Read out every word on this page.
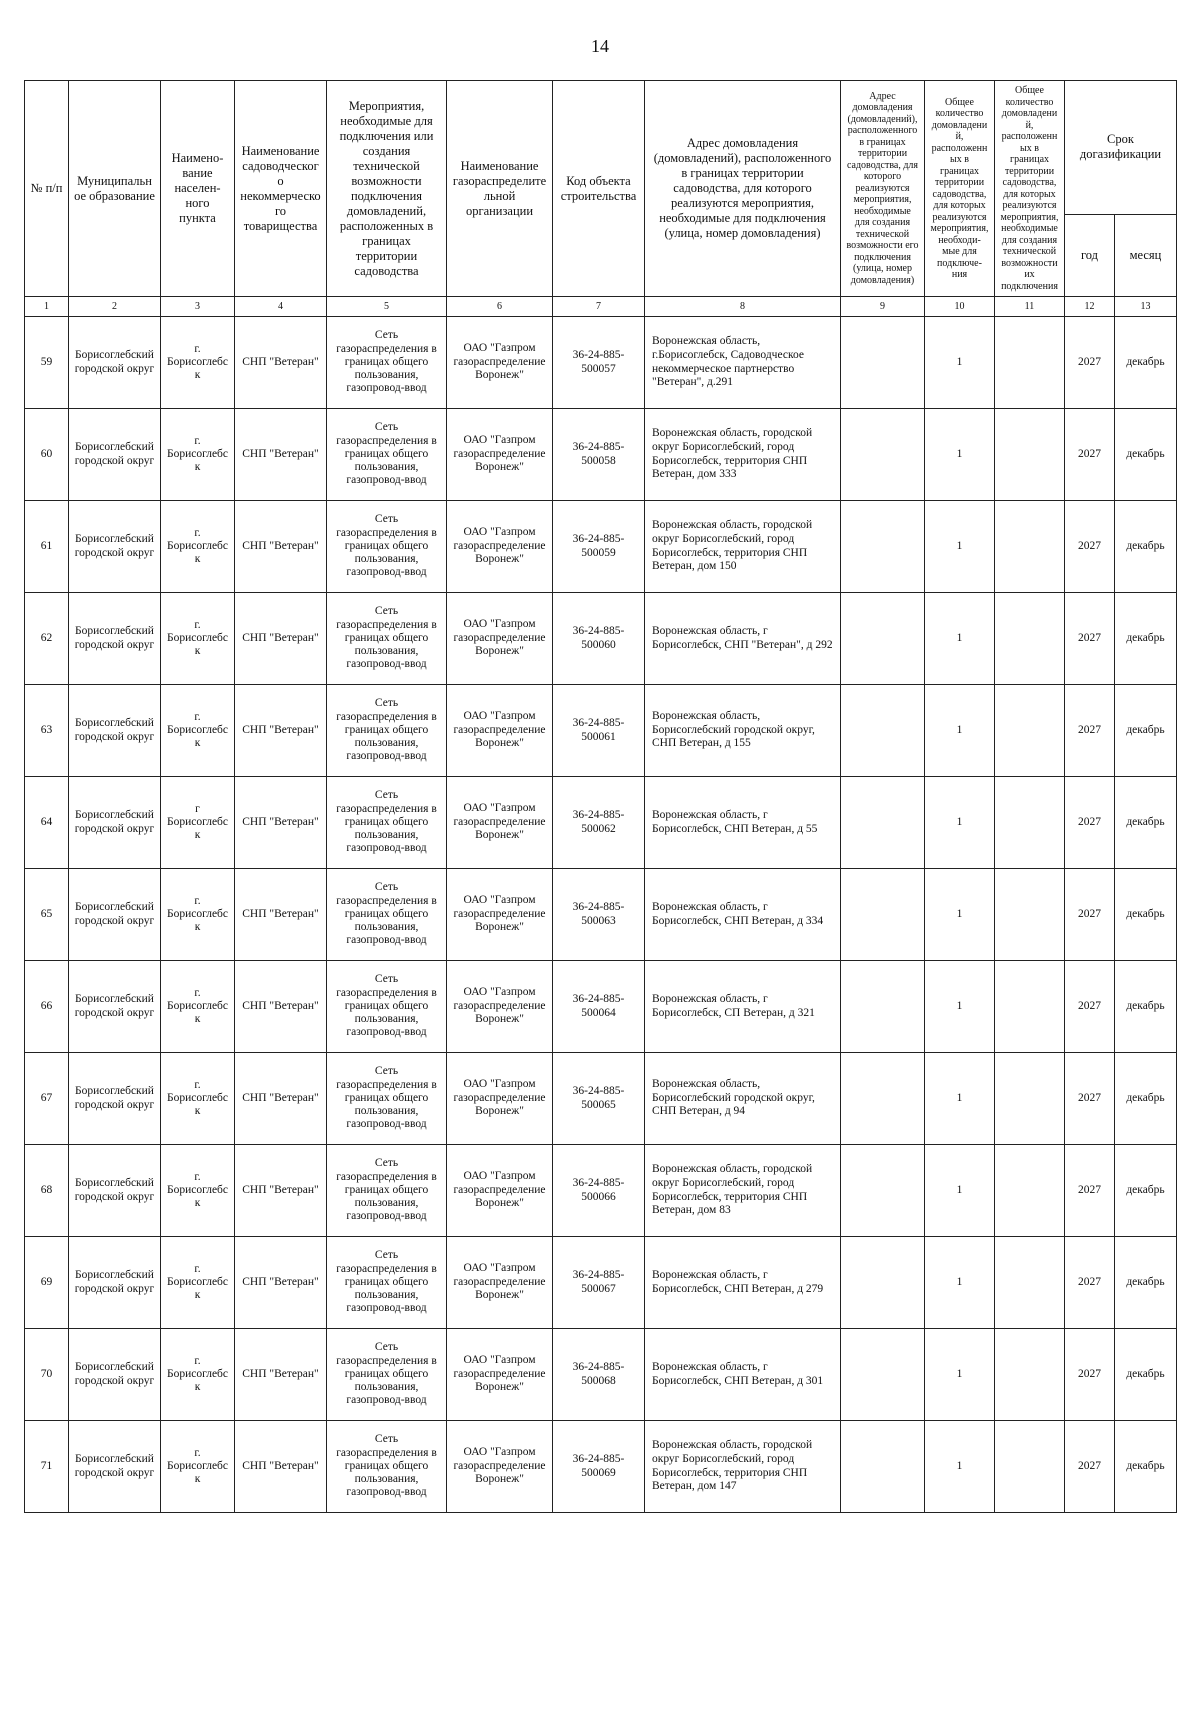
14
№ п/п	Муниципальное образование	Наимено-вание населен-ного пункта	Наименование садоводческого некоммерческого товарищества	Мероприятия, необходимые для подключения или создания технической возможности подключения домовладений, расположенных в границах территории садоводства	Наименование газораспределительной организации	Код объекта строительства	Адрес домовладения (домовладений), расположенного в границах территории садоводства, для которого реализуются мероприятия, необходимые для подключения (улица, номер домовладения)	Адрес домовладения (домовладений), расположенного в границах территории садоводства, для которого реализуются мероприятия, необходимые для создания технической возможности его подключения (улица, номер домовладения)	Общее количество домовладений, расположенных в границах территории садоводства, для которых реализуются мероприятия, необходи-мые для подключе-ния	Общее количество домовладений, расположенных в границах территории садоводства, для которых реализуются мероприятия, необходимые для создания технической возможности их подключения	Срок догазификации	
											год	месяц
1	2	3	4	5	6	7	8	9	10	11	12	13
59	Борисоглебский городской округ	г. Борисоглебск	СНП "Ветеран"	Сеть газораспределения в границах общего пользования, газопровод-ввод	ОАО "Газпром газораспределение Воронеж"	36-24-885-500057	Воронежская область, г.Борисоглебск, Садоводческое некоммерческое партнерство "Ветеран", д.291		1		2027	декабрь
60	Борисоглебский городской округ	г. Борисоглебск	СНП "Ветеран"	Сеть газораспределения в границах общего пользования, газопровод-ввод	ОАО "Газпром газораспределение Воронеж"	36-24-885-500058	Воронежская область, городской округ Борисоглебский, город Борисоглебск, территория СНП Ветеран, дом 333		1		2027	декабрь
61	Борисоглебский городской округ	г. Борисоглебск	СНП "Ветеран"	Сеть газораспределения в границах общего пользования, газопровод-ввод	ОАО "Газпром газораспределение Воронеж"	36-24-885-500059	Воронежская область, городской округ Борисоглебский, город Борисоглебск, территория СНП Ветеран, дом 150		1		2027	декабрь
62	Борисоглебский городской округ	г. Борисоглебск	СНП "Ветеран"	Сеть газораспределения в границах общего пользования, газопровод-ввод	ОАО "Газпром газораспределение Воронеж"	36-24-885-500060	Воронежская область, г Борисоглебск, СНП "Ветеран", д 292		1		2027	декабрь
63	Борисоглебский городской округ	г. Борисоглебск	СНП "Ветеран"	Сеть газораспределения в границах общего пользования, газопровод-ввод	ОАО "Газпром газораспределение Воронеж"	36-24-885-500061	Воронежская область, Борисоглебский городской округ, СНП Ветеран, д 155		1		2027	декабрь
64	Борисоглебский городской округ	г Борисоглебск	СНП "Ветеран"	Сеть газораспределения в границах общего пользования, газопровод-ввод	ОАО "Газпром газораспределение Воронеж"	36-24-885-500062	Воронежская область, г Борисоглебск, СНП Ветеран, д 55		1		2027	декабрь
65	Борисоглебский городской округ	г. Борисоглебск	СНП "Ветеран"	Сеть газораспределения в границах общего пользования, газопровод-ввод	ОАО "Газпром газораспределение Воронеж"	36-24-885-500063	Воронежская область, г Борисоглебск, СНП Ветеран, д 334		1		2027	декабрь
66	Борисоглебский городской округ	г. Борисоглебск	СНП "Ветеран"	Сеть газораспределения в границах общего пользования, газопровод-ввод	ОАО "Газпром газораспределение Воронеж"	36-24-885-500064	Воронежская область, г Борисоглебск, СП Ветеран, д 321		1		2027	декабрь
67	Борисоглебский городской округ	г. Борисоглебск	СНП "Ветеран"	Сеть газораспределения в границах общего пользования, газопровод-ввод	ОАО "Газпром газораспределение Воронеж"	36-24-885-500065	Воронежская область, Борисоглебский городской округ, СНП Ветеран, д 94		1		2027	декабрь
68	Борисоглебский городской округ	г. Борисоглебск	СНП "Ветеран"	Сеть газораспределения в границах общего пользования, газопровод-ввод	ОАО "Газпром газораспределение Воронеж"	36-24-885-500066	Воронежская область, городской округ Борисоглебский, город Борисоглебск, территория СНП Ветеран, дом 83		1		2027	декабрь
69	Борисоглебский городской округ	г. Борисоглебск	СНП "Ветеран"	Сеть газораспределения в границах общего пользования, газопровод-ввод	ОАО "Газпром газораспределение Воронеж"	36-24-885-500067	Воронежская область, г Борисоглебск, СНП Ветеран, д 279		1		2027	декабрь
70	Борисоглебский городской округ	г. Борисоглебск	СНП "Ветеран"	Сеть газораспределения в границах общего пользования, газопровод-ввод	ОАО "Газпром газораспределение Воронеж"	36-24-885-500068	Воронежская область, г Борисоглебск, СНП Ветеран, д 301		1		2027	декабрь
71	Борисоглебский городской округ	г. Борисоглебск	СНП "Ветеран"	Сеть газораспределения в границах общего пользования, газопровод-ввод	ОАО "Газпром газораспределение Воронеж"	36-24-885-500069	Воронежская область, городской округ Борисоглебский, город Борисоглебск, территория СНП Ветеран, дом 147		1		2027	декабрь
